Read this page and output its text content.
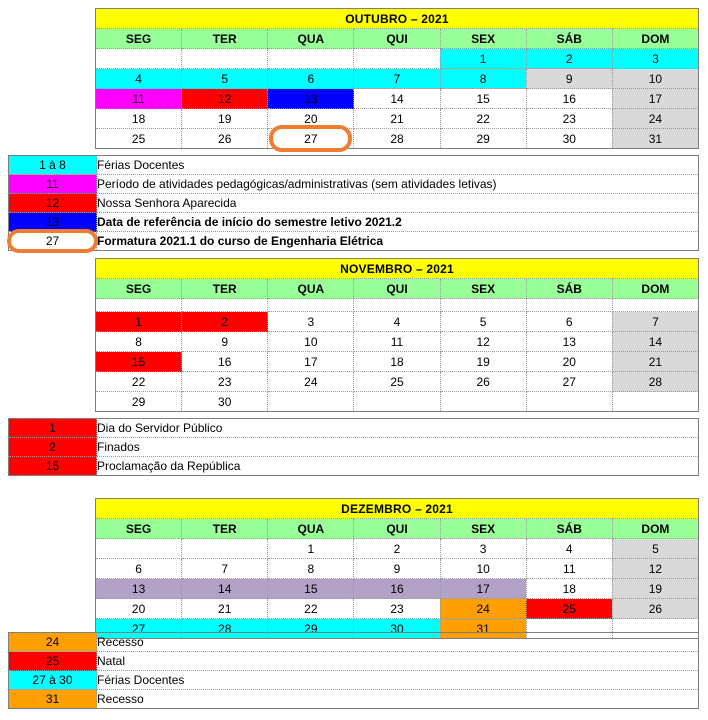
OUTUBRO – 2021						
SEG	TER	QUA	QUI	SEX	SÁB	DOM
				1	2	3
4	5	6	7	8	9	10
11	12	13	14	15	16	17
18	19	20	21	22	23	24
25	26	27	28	29	30	31
1 à 8	Férias Docentes
11	Período de atividades pedagógicas/administrativas (sem atividades letivas)
12	Nossa Senhora Aparecida
13	Data de referência de início do semestre letivo 2021.2
27	Formatura 2021.1 do curso de Engenharia Elétrica
NOVEMBRO – 2021						
SEG	TER	QUA	QUI	SEX	SÁB	DOM

1	2	3	4	5	6	7
8	9	10	11	12	13	14
15	16	17	18	19	20	21
22	23	24	25	26	27	28
29	30					
1	Dia do Servidor Público
2	Finados
15	Proclamação da República
DEZEMBRO – 2021						
SEG	TER	QUA	QUI	SEX	SÁB	DOM
		1	2	3	4	5
6	7	8	9	10	11	12
13	14	15	16	17	18	19
20	21	22	23	24	25	26
27	28	29	30	31		
24	Recesso
25	Natal
27 à 30	Férias Docentes
31	Recesso
